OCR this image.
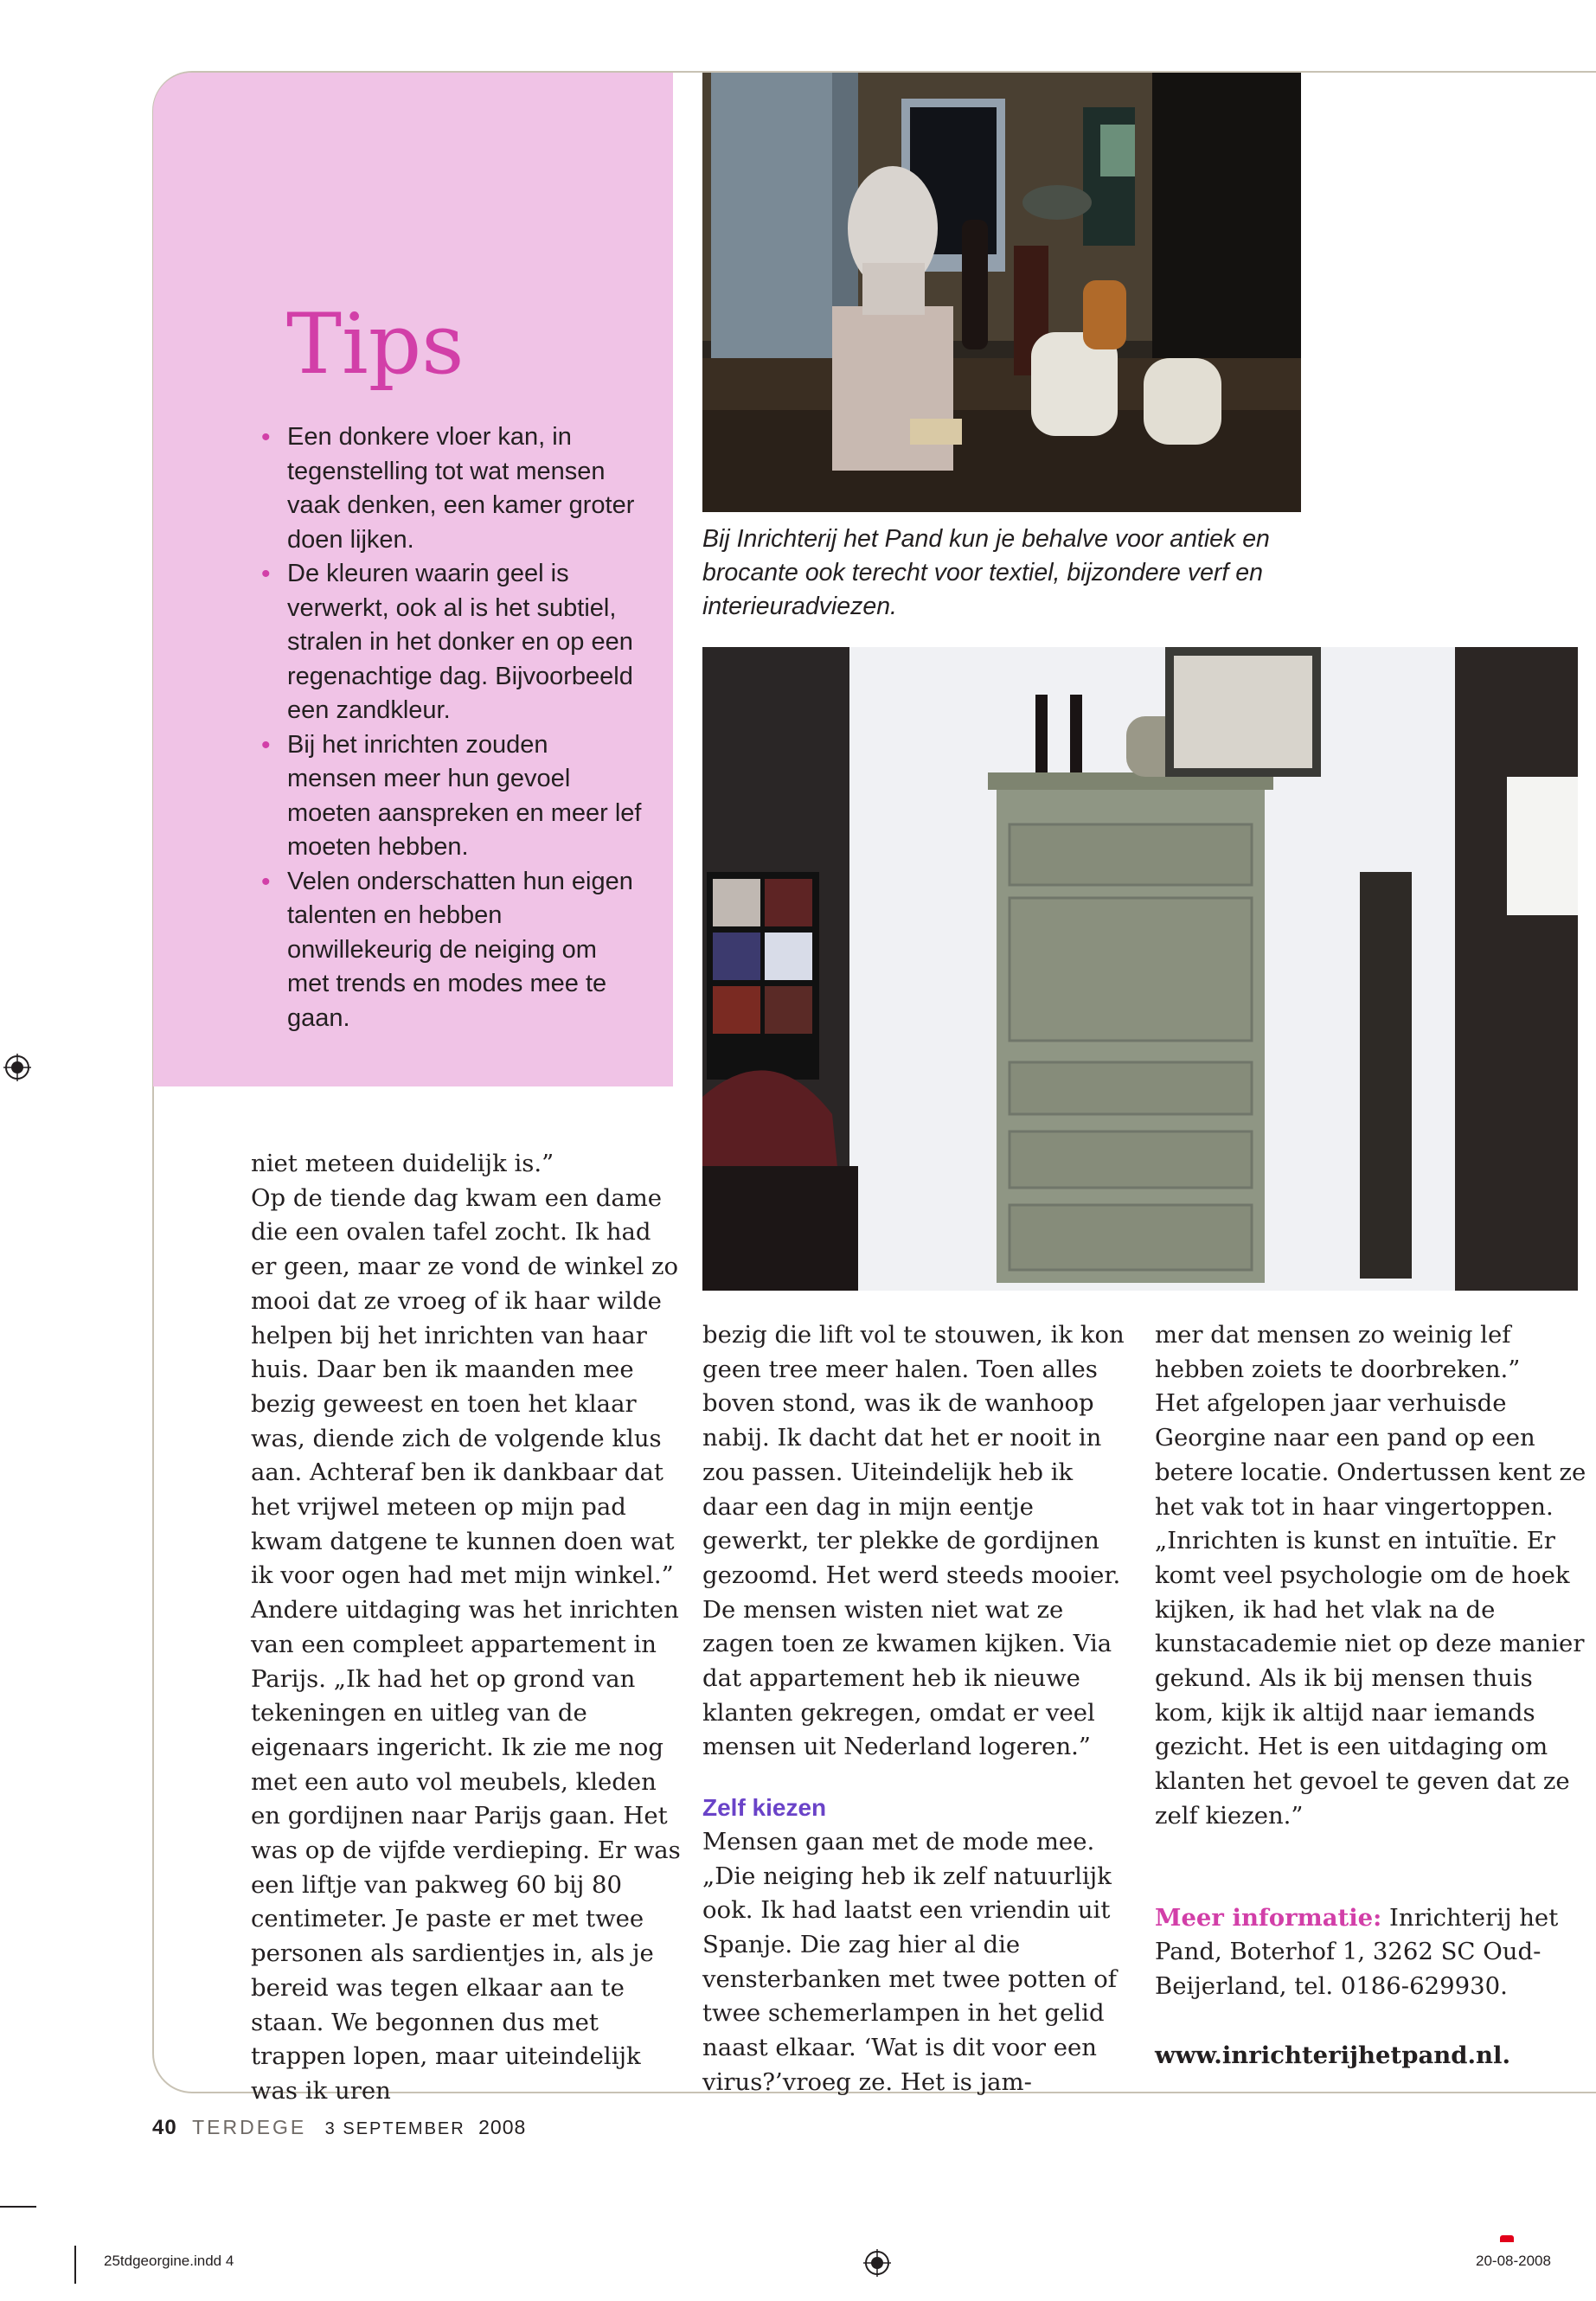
Tips
• Een donkere vloer kan, in tegenstelling tot wat mensen vaak denken, een kamer groter doen lijken.
• De kleuren waarin geel is verwerkt, ook al is het subtiel, stralen in het donker en op een regenachtige dag. Bijvoorbeeld een zandkleur.
• Bij het inrichten zouden mensen meer hun gevoel moeten aanspreken en meer lef moeten hebben.
• Velen onderschatten hun eigen talenten en hebben onwillekeurig de neiging om met trends en modes mee te gaan.
Bij Inrichterij het Pand kun je behalve voor antiek en brocante ook terecht voor textiel, bijzondere verf en interieuradviezen.

niet meteen duidelijk is.”

Op de tiende dag kwam een dame die een ovalen tafel zocht. Ik had er geen, maar ze vond de winkel zo mooi dat ze vroeg of ik haar wilde helpen bij het inrichten van haar huis. Daar ben ik maanden mee bezig geweest en toen het klaar was, diende zich de volgende klus aan. Achteraf ben ik dankbaar dat het vrijwel meteen op mijn pad kwam datgene te kunnen doen wat ik voor ogen had met mijn winkel.”

Andere uitdaging was het inrichten van een compleet appartement in Parijs. „Ik had het op grond van tekeningen en uitleg van de eigenaars ingericht. Ik zie me nog met een auto vol meubels, kleden en gordijnen naar Parijs gaan. Het was op de vijfde verdieping. Er was een liftje van pakweg 60 bij 80 centimeter. Je paste er met twee personen als sardientjes in, als je bereid was tegen elkaar aan te staan. We begonnen dus met trappen lopen, maar uiteindelijk was ik uren

bezig die lift vol te stouwen, ik kon geen tree meer halen. Toen alles boven stond, was ik de wanhoop nabij. Ik dacht dat het er nooit in zou passen. Uiteindelijk heb ik daar een dag in mijn eentje gewerkt, ter plekke de gordijnen gezoomd. Het werd steeds mooier. De mensen wisten niet wat ze zagen toen ze kwamen kijken. Via dat appartement heb ik nieuwe klanten gekregen, omdat er veel mensen uit Nederland logeren.”

Zelf kiezen

Mensen gaan met de mode mee. „Die neiging heb ik zelf natuurlijk ook. Ik had laatst een vriendin uit Spanje. Die zag hier al die vensterbanken met twee potten of twee schemerlampen in het gelid naast elkaar. ‘Wat is dit voor een virus?’vroeg ze. Het is jam-

mer dat mensen zo weinig lef hebben zoiets te doorbreken.”

Het afgelopen jaar verhuisde Georgine naar een pand op een betere locatie. Ondertussen kent ze het vak tot in haar vingertoppen. „Inrichten is kunst en intuïtie. Er komt veel psychologie om de hoek kijken, ik had het vlak na de kunstacademie niet op deze manier gekund. Als ik bij mensen thuis kom, kijk ik altijd naar iemands gezicht. Het is een uitdaging om klanten het gevoel te geven dat ze zelf kiezen.”

Meer informatie: Inrichterij het Pand, Boterhof 1, 3262 SC Oud-Beijerland, tel. 0186-629930.

www.inrichterijhetpand.nl.

40 TERDEGE 3 SEPTEMBER 2008
25tdgeorgine.indd 4	20-08-2008
